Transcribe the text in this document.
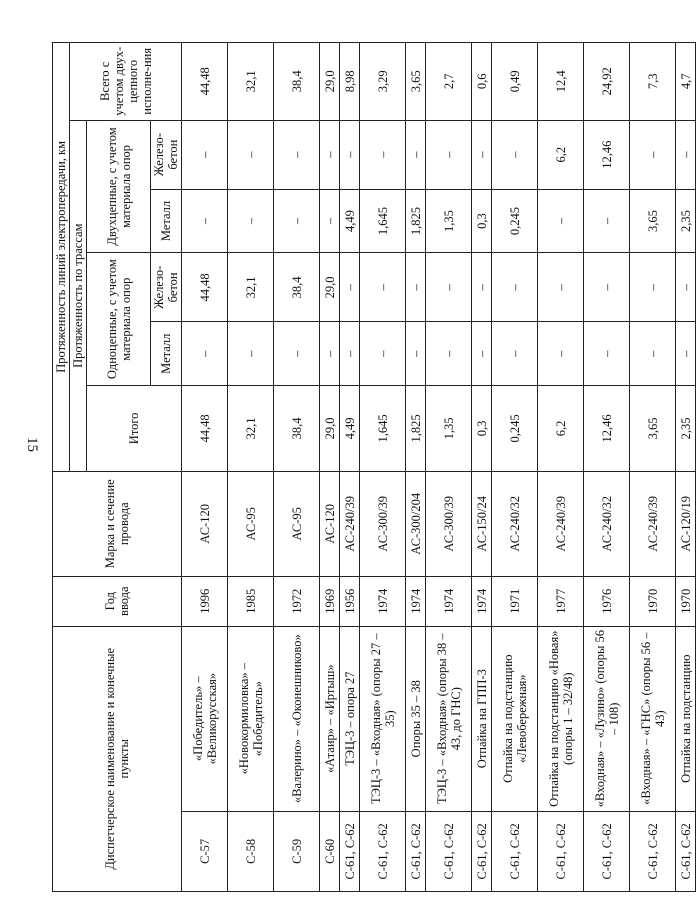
15
Диспетчерское наименование и конечные пункты		Год ввода	Марка и сечение провода	Протяженность линий электропередачи, км					
				Протяженность по трассам					Всего с учетом двух-цепного исполне-ния
				Итого	Одноцепные, с учетом материала опор		Двухцепные, с учетом материала опор		
					Металл	Железо-бетон	Металл	Железо-бетон	
С-57	«Победитель» – «Великорусская»	1996	АС-120	44,48	–	44,48	–	–	44,48
С-58	«Новокормиловка» – «Победитель»	1985	АС-95	32,1	–	32,1	–	–	32,1
С-59	«Валерино» – «Оконешниково»	1972	АС-95	38,4	–	38,4	–	–	38,4
С-60	«Атаир» – «Иртыш»	1969	АС-120	29,0	–	29,0	–	–	29,0
С-61, С-62	ТЭЦ-3 – опора 27	1956	АС-240/39	4,49	–	–	4,49	–	8,98
С-61, С-62	ТЭЦ-3 – «Входная» (опоры 27 – 35)	1974	АС-300/39	1,645	–	–	1,645	–	3,29
С-61, С-62	Опоры 35 – 38	1974	АС-300/204	1,825	–	–	1,825	–	3,65
С-61, С-62	ТЭЦ-3 – «Входная» (опоры 38 – 43, до ГНС)	1974	АС-300/39	1,35	–	–	1,35	–	2,7
С-61, С-62	Отпайка на ГПП-3	1974	АС-150/24	0,3	–	–	0,3	–	0,6
С-61, С-62	Отпайка на подстанцию «Левобережная»	1971	АС-240/32	0,245	–	–	0,245	–	0,49
С-61, С-62	Отпайка на подстанцию «Новая» (опоры 1 – 32/48)	1977	АС-240/39	6,2	–	–	–	6,2	12,4
С-61, С-62	«Входная» – «Лузино» (опоры 56 – 108)	1976	АС-240/32	12,46	–	–	–	12,46	24,92
С-61, С-62	«Входная» – «ГНС» (опоры 56 – 43)	1970	АС-240/39	3,65	–	–	3,65	–	7,3
С-61, С-62	Отпайка на подстанцию	1970	АС-120/19	2,35	–	–	2,35	–	4,7
